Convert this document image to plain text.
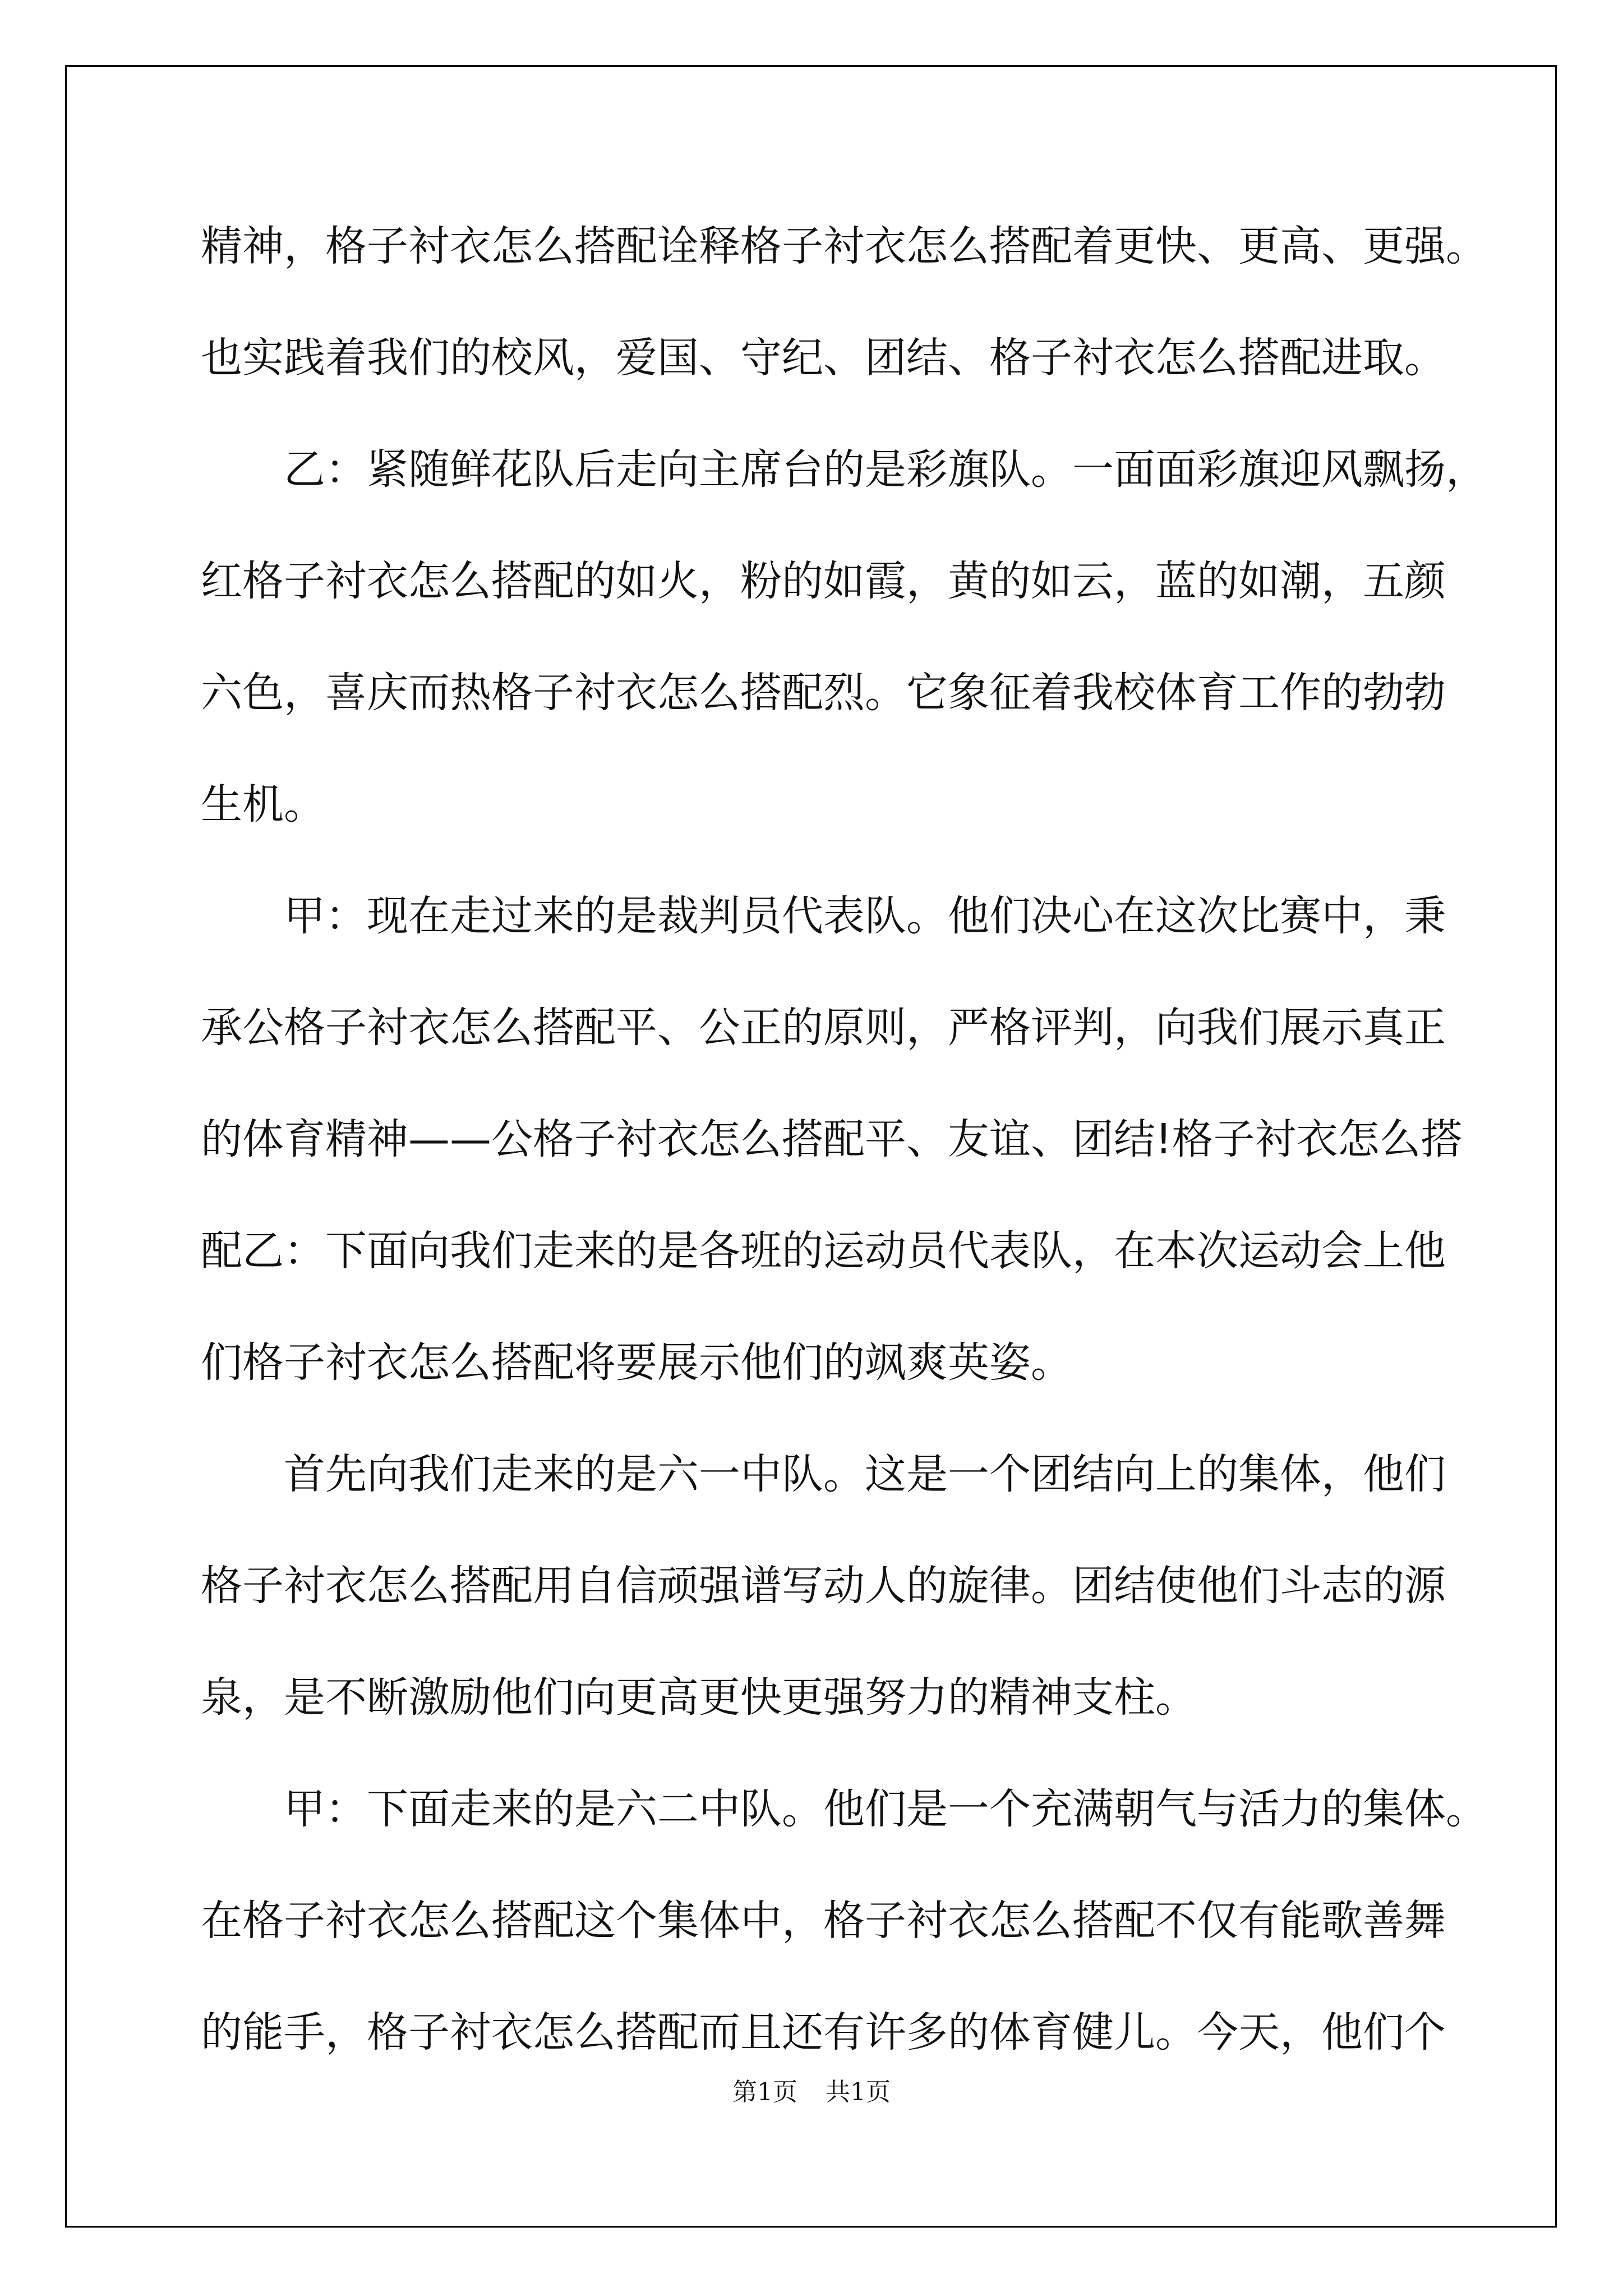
精神，格子衬衣怎么搭配诠释格子衬衣怎么搭配着更快、更高、更强。
也实践着我们的校风，爱国、守纪、团结、格子衬衣怎么搭配进取。
乙：紧随鲜花队后走向主席台的是彩旗队。一面面彩旗迎风飘扬，
红格子衬衣怎么搭配的如火，粉的如霞，黄的如云，蓝的如潮，五颜
六色，喜庆而热格子衬衣怎么搭配烈。它象征着我校体育工作的勃勃
生机。
甲：现在走过来的是裁判员代表队。他们决心在这次比赛中，秉
承公格子衬衣怎么搭配平、公正的原则，严格评判，向我们展示真正
的体育精神——公格子衬衣怎么搭配平、友谊、团结!格子衬衣怎么搭
配乙：下面向我们走来的是各班的运动员代表队，在本次运动会上他
们格子衬衣怎么搭配将要展示他们的飒爽英姿。
首先向我们走来的是六一中队。这是一个团结向上的集体，他们
格子衬衣怎么搭配用自信顽强谱写动人的旋律。团结使他们斗志的源
泉，是不断激励他们向更高更快更强努力的精神支柱。
甲：下面走来的是六二中队。他们是一个充满朝气与活力的集体。
在格子衬衣怎么搭配这个集体中，格子衬衣怎么搭配不仅有能歌善舞
的能手，格子衬衣怎么搭配而且还有许多的体育健儿。今天，他们个
第1页 共1页
